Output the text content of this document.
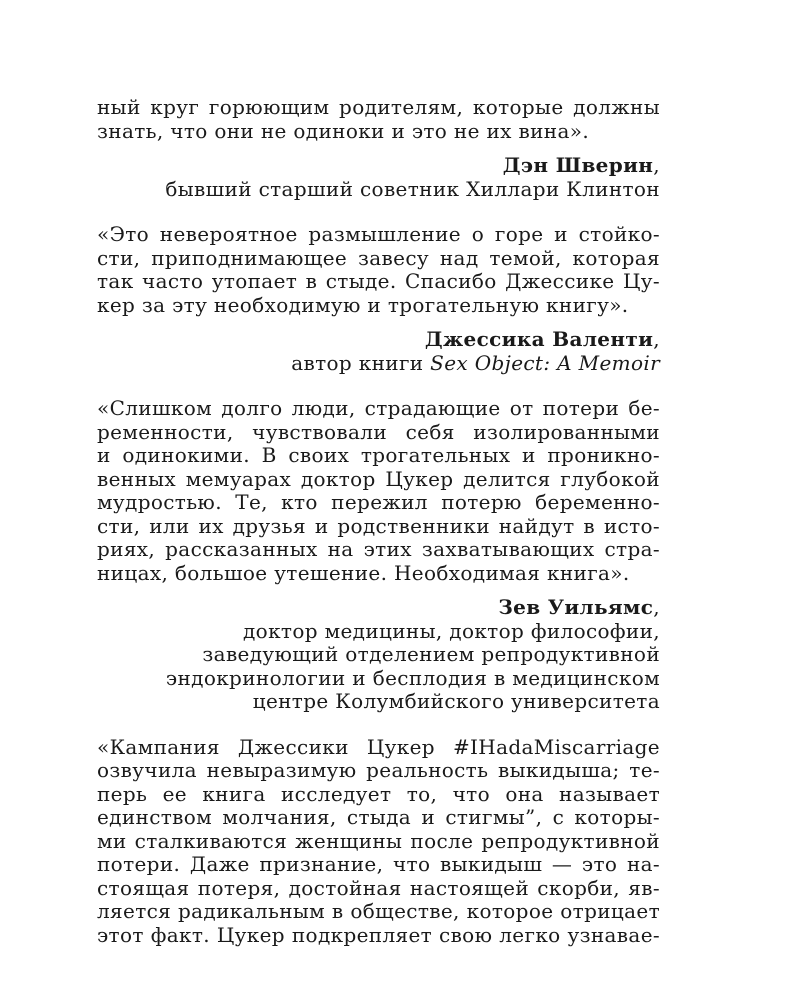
ный круг горюющим родителям, которые должны
знать, что они не одиноки и это не их вина».
Дэн Шверин,
бывший старший советник Хиллари Клинтон
«Это невероятное размышление о горе и стойко-
сти, приподнимающее завесу над темой, которая
так часто утопает в стыде. Спасибо Джессике Цу-
кер за эту необходимую и трогательную книгу».
Джессика Валенти,
автор книги Sex Object: A Memoir
«Слишком долго люди, страдающие от потери бе-
ременности, чувствовали себя изолированными
и одинокими. В своих трогательных и проникно-
венных мемуарах доктор Цукер делится глубокой
мудростью. Те, кто пережил потерю беременно-
сти, или их друзья и родственники найдут в исто-
риях, рассказанных на этих захватывающих стра-
ницах, большое утешение. Необходимая книга».
Зев Уильямс,
доктор медицины, доктор философии,
заведующий отделением репродуктивной
эндокринологии и бесплодия в медицинском
центре Колумбийского университета
«Кампания Джессики Цукер #IHadaMiscarriage
озвучила невыразимую реальность выкидыша; те-
перь ее книга исследует то, что она называет
единством молчания, стыда и стигмы”, с которы-
ми сталкиваются женщины после репродуктивной
потери. Даже признание, что выкидыш — это на-
стоящая потеря, достойная настоящей скорби, яв-
ляется радикальным в обществе, которое отрицает
этот факт. Цукер подкрепляет свою легко узнавае-
